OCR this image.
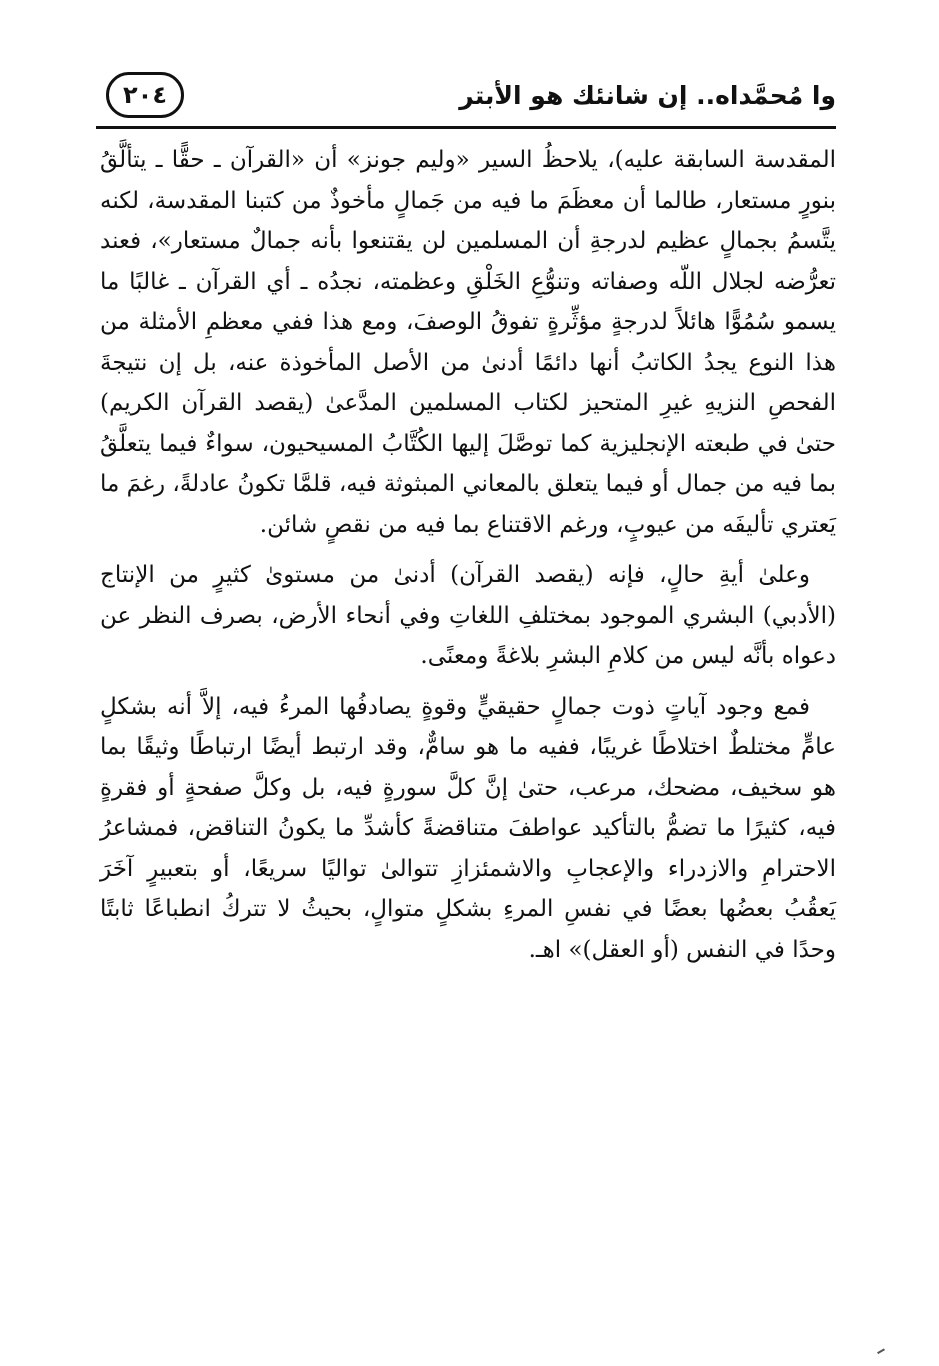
وا مُحمَّداه.. إن شانئك هو الأبتر
٢٠٤

المقدسة السابقة عليه)، يلاحظُ السير «وليم جونز» أن «القرآن ـ حقًّا ـ يتألَّقُ بنورٍ مستعار، طالما أن معظَمَ ما فيه من جَمالٍ مأخوذٌ من كتبنا المقدسة، لكنه يتَّسمُ بجمالٍ عظيم لدرجةِ أن المسلمين لن يقتنعوا بأنه جمالٌ مستعار»، فعند تعرُّضه لجلال اللّه وصفاته وتنوُّعِ الخَلْقِ وعظمته، نجدُه ـ أي القرآن ـ غالبًا ما يسمو سُمُوًّا هائلاً لدرجةٍ مؤثِّرةٍ تفوقُ الوصفَ، ومع هذا ففي معظمِ الأمثلة من هذا النوع يجدُ الكاتبُ أنها دائمًا أدنىٰ من الأصل المأخوذة عنه، بل إن نتيجةَ الفحصِ النزيهِ غيرِ المتحيز لكتاب المسلمين المدَّعىٰ (يقصد القرآن الكريم) حتىٰ في طبعته الإنجليزية كما توصَّلَ إليها الكُتَّابُ المسيحيون، سواءٌ فيما يتعلَّقُ بما فيه من جمال أو فيما يتعلق بالمعاني المبثوثة فيه، قلمَّا تكونُ عادلةً، رغمَ ما يَعتري تأليفَه من عيوبٍ، ورغم الاقتناع بما فيه من نقصٍ شائن.

وعلىٰ أيةِ حالٍ، فإنه (يقصد القرآن) أدنىٰ من مستوىٰ كثيرٍ من الإنتاج (الأدبي) البشري الموجود بمختلفِ اللغاتِ وفي أنحاء الأرض، بصرف النظر عن دعواه بأنَّه ليس من كلامِ البشرِ بلاغةً ومعنًى.

فمع وجود آياتٍ ذوت جمالٍ حقيقيٍّ وقوةٍ يصادفُها المرءُ فيه، إلاَّ أنه بشكلٍ عامٍّ مختلطٌ اختلاطًا غريبًا، ففيه ما هو سامٌّ، وقد ارتبط أيضًا ارتباطًا وثيقًا بما هو سخيف، مضحك، مرعب، حتىٰ إنَّ كلَّ سورةٍ فيه، بل وكلَّ صفحةٍ أو فقرةٍ فيه، كثيرًا ما تضمُّ بالتأكيد عواطفَ متناقضةً كأشدِّ ما يكونُ التناقض، فمشاعرُ الاحترامِ والازدراء والإعجابِ والاشمئزازِ تتوالىٰ تواليًا سريعًا، أو بتعبيرٍ آخَرَ يَعقُبُ بعضُها بعضًا في نفسِ المرءِ بشكلٍ متوالٍ، بحيثُ لا تتركُ انطباعًا ثابتًا وحدًا في النفس (أو العقل)» اهـ.
